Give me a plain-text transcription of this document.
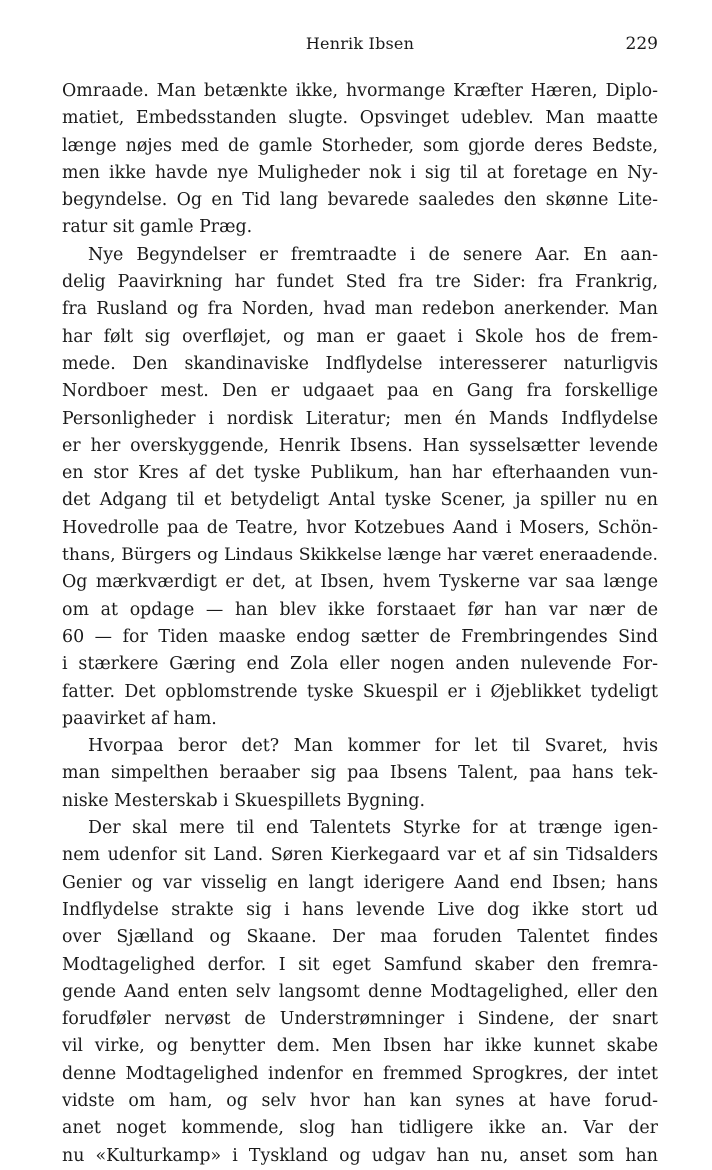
Henrik Ibsen	229
Omraade. Man betænkte ikke, hvormange Kræfter Hæren, Diplo-
matiet, Embedsstanden slugte. Opsvinget udeblev. Man maatte
længe nøjes med de gamle Storheder, som gjorde deres Bedste,
men ikke havde nye Muligheder nok i sig til at foretage en Ny-
begyndelse. Og en Tid lang bevarede saaledes den skønne Lite-
ratur sit gamle Præg.
Nye Begyndelser er fremtraadte i de senere Aar. En aan-
delig Paavirkning har fundet Sted fra tre Sider: fra Frankrig,
fra Rusland og fra Norden, hvad man redebon anerkender. Man
har følt sig overfløjet, og man er gaaet i Skole hos de frem-
mede. Den skandinaviske Indflydelse interesserer naturligvis
Nordboer mest. Den er udgaaet paa en Gang fra forskellige
Personligheder i nordisk Literatur; men én Mands Indflydelse
er her overskyggende, Henrik Ibsens. Han sysselsætter levende
en stor Kres af det tyske Publikum, han har efterhaanden vun-
det Adgang til et betydeligt Antal tyske Scener, ja spiller nu en
Hovedrolle paa de Teatre, hvor Kotzebues Aand i Mosers, Schön-
thans, Bürgers og Lindaus Skikkelse længe har været eneraadende.
Og mærkværdigt er det, at Ibsen, hvem Tyskerne var saa længe
om at opdage — han blev ikke forstaaet før han var nær de
60 — for Tiden maaske endog sætter de Frembringendes Sind
i stærkere Gæring end Zola eller nogen anden nulevende For-
fatter. Det opblomstrende tyske Skuespil er i Øjeblikket tydeligt
paavirket af ham.
Hvorpaa beror det? Man kommer for let til Svaret, hvis
man simpelthen beraaber sig paa Ibsens Talent, paa hans tek-
niske Mesterskab i Skuespillets Bygning.
Der skal mere til end Talentets Styrke for at trænge igen-
nem udenfor sit Land. Søren Kierkegaard var et af sin Tidsalders
Genier og var visselig en langt iderigere Aand end Ibsen; hans
Indflydelse strakte sig i hans levende Live dog ikke stort ud
over Sjælland og Skaane. Der maa foruden Talentet findes
Modtagelighed derfor. I sit eget Samfund skaber den fremra-
gende Aand enten selv langsomt denne Modtagelighed, eller den
forudføler nervøst de Understrømninger i Sindene, der snart
vil virke, og benytter dem. Men Ibsen har ikke kunnet skabe
denne Modtagelighed indenfor en fremmed Sprogkres, der intet
vidste om ham, og selv hvor han kan synes at have forud-
anet noget kommende, slog han tidligere ikke an. Var der
nu «Kulturkamp» i Tyskland og udgav han nu, anset som han
